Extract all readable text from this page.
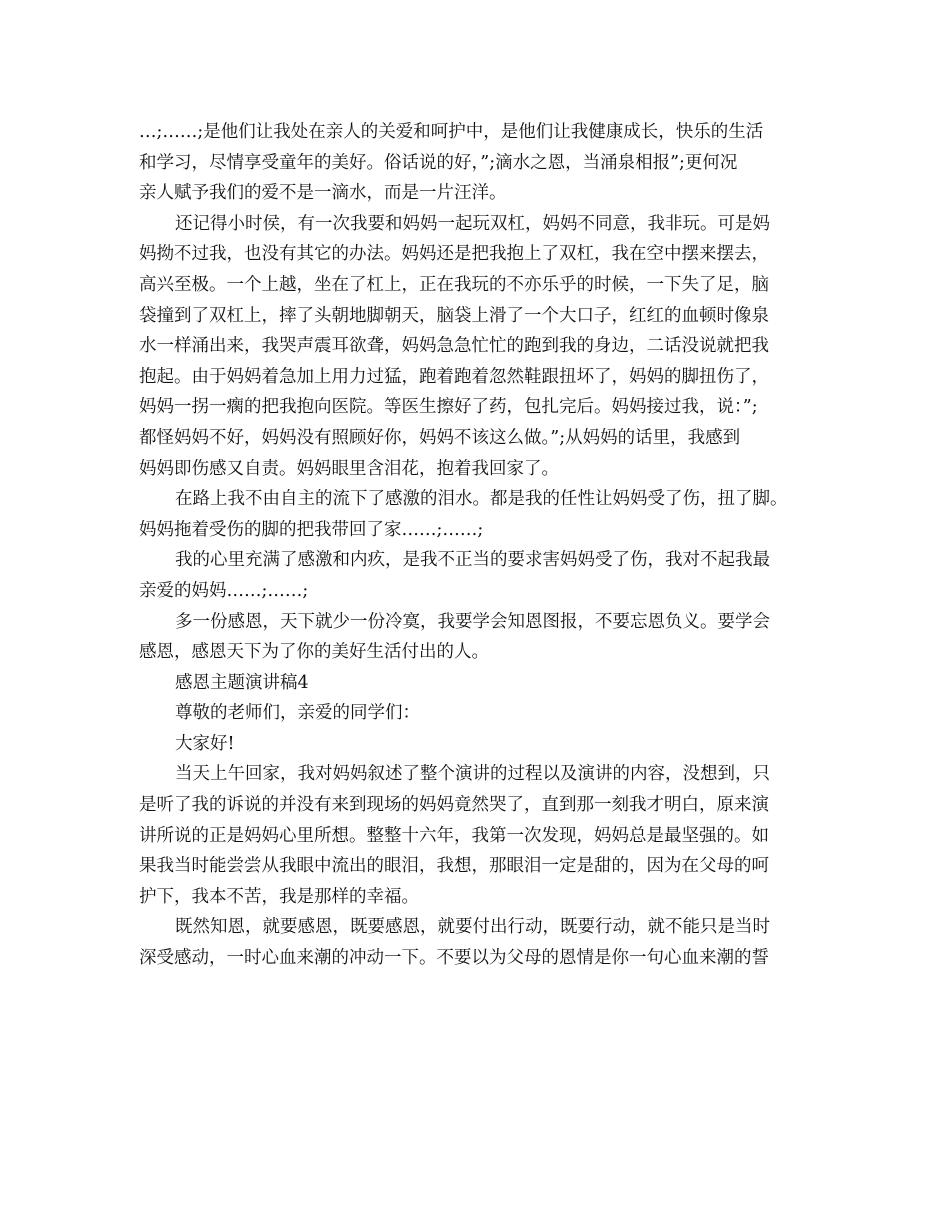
…;……;是他们让我处在亲人的关爱和呵护中，是他们让我健康成长，快乐的生活
和学习，尽情享受童年的美好。俗话说的好，”;滴水之恩，当涌泉相报”;更何况
亲人赋予我们的爱不是一滴水，而是一片汪洋。
还记得小时侯，有一次我要和妈妈一起玩双杠，妈妈不同意，我非玩。可是妈
妈拗不过我，也没有其它的办法。妈妈还是把我抱上了双杠，我在空中摆来摆去，
高兴至极。一个上越，坐在了杠上，正在我玩的不亦乐乎的时候，一下失了足，脑
袋撞到了双杠上，摔了头朝地脚朝天，脑袋上滑了一个大口子，红红的血顿时像泉
水一样涌出来，我哭声震耳欲聋，妈妈急急忙忙的跑到我的身边，二话没说就把我
抱起。由于妈妈着急加上用力过猛，跑着跑着忽然鞋跟扭坏了，妈妈的脚扭伤了，
妈妈一拐一瘸的把我抱向医院。等医生擦好了药，包扎完后。妈妈接过我，说：”;
都怪妈妈不好，妈妈没有照顾好你，妈妈不该这么做。”;从妈妈的话里，我感到
妈妈即伤感又自责。妈妈眼里含泪花，抱着我回家了。
在路上我不由自主的流下了感激的泪水。都是我的任性让妈妈受了伤，扭了脚。
妈妈拖着受伤的脚的把我带回了家……;……;
我的心里充满了感激和内疚，是我不正当的要求害妈妈受了伤，我对不起我最
亲爱的妈妈……;……;
多一份感恩，天下就少一份冷寞，我要学会知恩图报，不要忘恩负义。要学会
感恩，感恩天下为了你的美好生活付出的人。
感恩主题演讲稿4
尊敬的老师们，亲爱的同学们：
大家好!
当天上午回家，我对妈妈叙述了整个演讲的过程以及演讲的内容，没想到，只
是听了我的诉说的并没有来到现场的妈妈竟然哭了，直到那一刻我才明白，原来演
讲所说的正是妈妈心里所想。整整十六年，我第一次发现，妈妈总是最坚强的。如
果我当时能尝尝从我眼中流出的眼泪，我想，那眼泪一定是甜的，因为在父母的呵
护下，我本不苦，我是那样的幸福。
既然知恩，就要感恩，既要感恩，就要付出行动，既要行动，就不能只是当时
深受感动，一时心血来潮的冲动一下。不要以为父母的恩情是你一句心血来潮的誓
